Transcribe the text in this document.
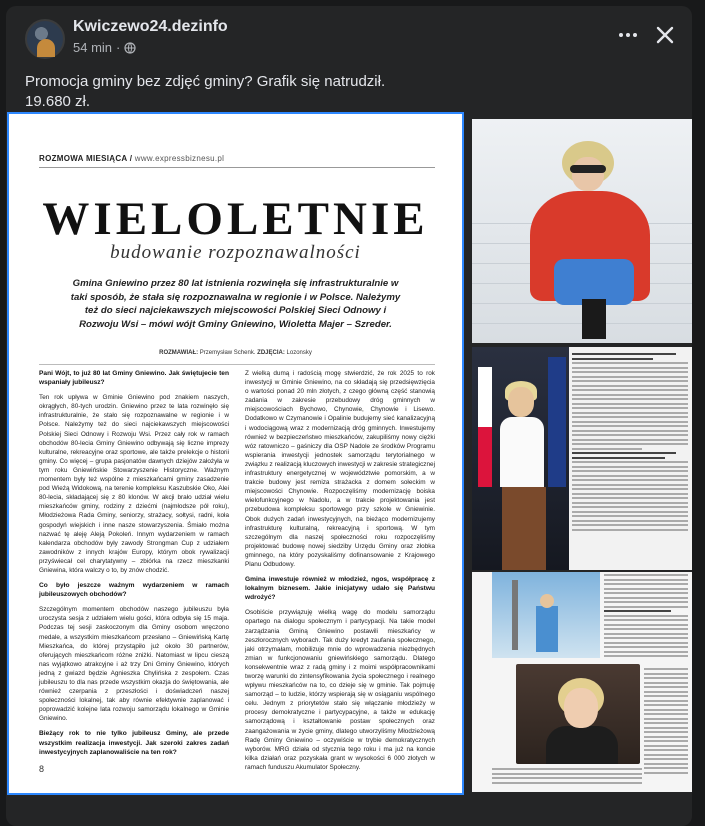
Kwiczewo24.dezinfo
54 min ·
Promocja gminy bez zdjęć gminy? Grafik się natrudził.
19.680 zł.
ROZMOWA MIESIĄCA / www.expressbiznesu.pl
WIELOLETNIE
budowanie rozpoznawalności
Gmina Gniewino przez 80 lat istnienia rozwinęła się infrastrukturalnie w taki sposób, że stała się rozpoznawalna w regionie i w Polsce. Należymy też do sieci najciekawszych miejscowości Polskiej Sieci Odnowy i Rozwoju Wsi – mówi wójt Gminy Gniewino, Wioletta Majer – Szreder.
ROZMAWIAŁ: Przemysław Schenk. ZDJĘCIA: Lozonsky

Pani Wójt, to już 80 lat Gminy Gniewino. Jak świętujecie ten wspaniały jubileusz?

Ten rok upływa w Gminie Gniewino pod znakiem naszych, okrągłych, 80-tych urodzin. Gniewino przez te lata rozwinęło się infrastrukturalnie, że stało się rozpoznawalne w regionie i w Polsce. Należymy też do sieci najciekawszych miejscowości Polskiej Sieci Odnowy i Rozwoju Wsi. Przez cały rok w ramach obchodów 80-lecia Gminy Gniewino odbywają się liczne imprezy kulturalne, rekreacyjne oraz sportowe, ale także prelekcje o historii gminy. Co więcej – grupa pasjonatów dawnych dziejów założyła w tym roku Gniewińskie Stowarzyszenie Historyczne. Ważnym momentem były też wspólne z mieszkańcami gminy zasadzenie pod Wieżą Widokową, na terenie kompleksu Kaszubskie Oko, Alei 80-lecia, składającej się z 80 klonów. W akcji brało udział wielu mieszkańców gminy, rodziny z dziećmi (najmłodsze pół roku), Młodzieżowa Rada Gminy, seniorzy, strażacy, sołtysi, radni, koła gospodyń wiejskich i inne nasze stowarzyszenia. Śmiało można nazwać tę aleję Aleją Pokoleń. Innym wydarzeniem w ramach kalendarza obchodów były zawody Strongman Cup z udziałem zawodników z innych krajów Europy, którym obok rywalizacji przyświecał cel charytatywny – zbiórka na rzecz mieszkanki Gniewina, która walczy o to, by znów chodzić.

Co było jeszcze ważnym wydarzeniem w ramach jubileuszowych obchodów?

Szczególnym momentem obchodów naszego jubileuszu była uroczysta sesja z udziałem wielu gości, która odbyła się 15 maja. Podczas tej sesji zaskoczonym dla Gminy osobom wręczono medale, a wszystkim mieszkańcom przesłano – Gniewińską Kartę Mieszkańca, do której przystąpiło już około 30 partnerów, oferujących mieszkańcom różne zniżki. Natomiast w lipcu cieszą nas wyjątkowo atrakcyjne i aż trzy Dni Gminy Gniewino, których jedną z gwiazd będzie Agnieszka Chylińska z zespołem. Czas jubileuszu to dla nas przede wszystkim okazja do świętowania, ale również czerpania z przeszłości i doświadczeń naszej społeczności lokalnej, tak aby równie efektywnie zaplanować i poprowadzić kolejne lata rozwoju samorządu lokalnego w Gminie Gniewino.

Bieżący rok to nie tylko jubileusz Gminy, ale przede wszystkim realizacja inwestycji. Jak szeroki zakres zadań inwestycyjnych zaplanowaliście na ten rok?

Z wielką dumą i radością mogę stwierdzić, że rok 2025 to rok inwestycji w Gminie Gniewino, na co składają się przedsięwzięcia o wartości ponad 20 mln złotych, z czego główną część stanowią zadania w zakresie przebudowy dróg gminnych w miejscowościach Bychowo, Chynowie, Chynowie i Lisewo. Dodatkowo w Czymanowie i Opalinie budujemy sieć kanalizacyjną i wodociągową wraz z modernizacją dróg gminnych. Inwestujemy również w bezpieczeństwo mieszkańców, zakupiliśmy nowy ciężki wóz ratowniczo – gaśniczy dla OSP Nadole ze środków Programu wspierania inwestycji jednostek samorządu terytorialnego w związku z realizacją kluczowych inwestycji w zakresie strategicznej infrastruktury energetycznej w województwie pomorskim, a w trakcie budowy jest remiza strażacka z domem sołeckim w miejscowości Chynowie. Rozpoczęliśmy modernizację boiska wielofunkcyjnego w Nadolu, a w trakcie projektowania jest przebudowa kompleksu sportowego przy szkole w Gniewinie. Obok dużych zadań inwestycyjnych, na bieżąco modernizujemy infrastrukturę kulturalną, rekreacyjną i sportową. W tym szczególnym dla naszej społeczności roku rozpoczęliśmy projektować budowę nowej siedziby Urzędu Gminy oraz złobka gminnego, na który pozyskaliśmy dofinansowanie z Krajowego Planu Odbudowy.

Gmina inwestuje również w młodzież, ngos, współpracę z lokalnym biznesem. Jakie inicjatywy udało się Państwu wdrożyć?

Osobiście przywiązuję wielką wagę do modelu samorządu opartego na dialogu społecznym i partycypacji. Na takie model zarządzania Gminą Gniewino postawili mieszkańcy w zeszłorocznych wyborach. Tak duży kredyt zaufania społecznego, jaki otrzymałam, mobilizuje mnie do wprowadzenia niezbędnych zmian w funkcjonowaniu gniewińskiego samorządu. Dlatego konsekwentnie wraz z radą gminy i z moimi współpracownikami tworzę warunki do zintensyfikowania życia społecznego i realnego wpływu mieszkańców na to, co dzieje się w gminie. Tak pojmuję samorząd – to ludzie, którzy wspierają się w osiąganiu wspólnego celu. Jednym z priorytetów stało się włączanie młodzieży w procesy demokratyczne i partycypacyjne, a także w edukację samorządową i kształtowanie postaw społecznych oraz zaangażowania w życie gminy, dlatego utworzyliśmy Młodzieżową Radę Gminy Gniewino – oczywiście w trybie demokratycznych wyborów. MRG działa od stycznia tego roku i ma już na koncie kilka działań oraz pozyskała grant w wysokości 6 000 złotych w ramach funduszu Akumulator Społeczny.

8
